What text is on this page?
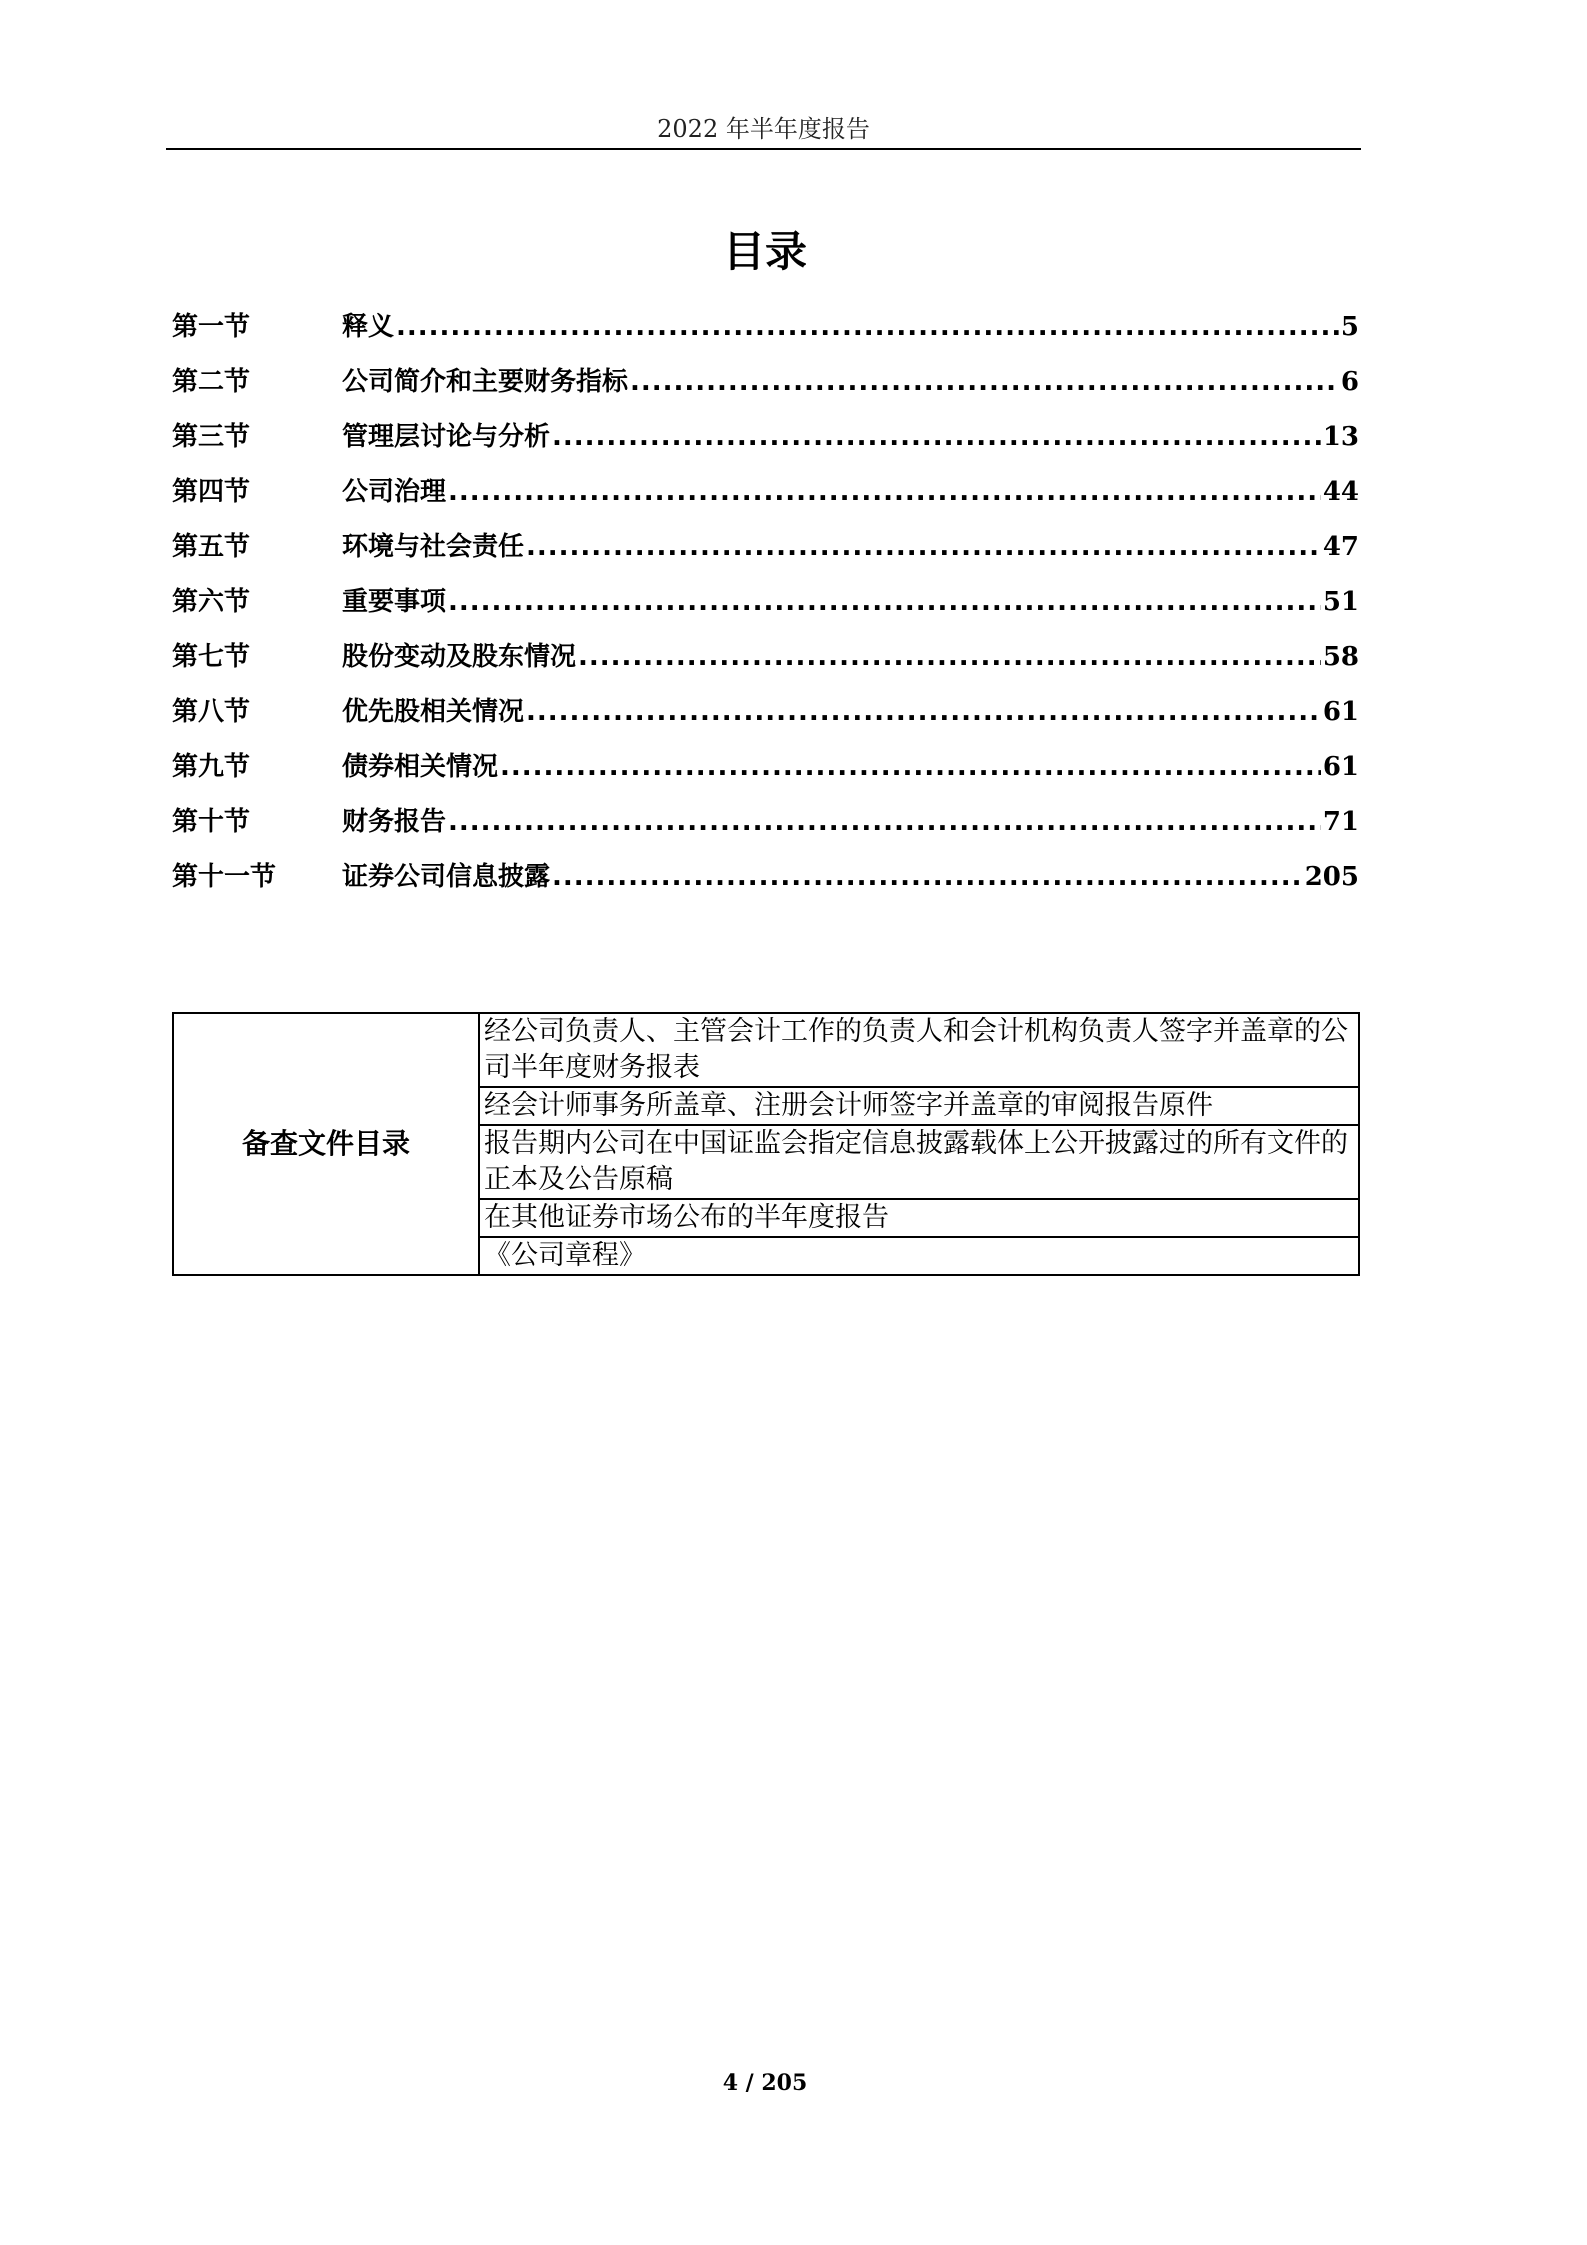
2022 年半年度报告
目录
第一节	释义 .....	5
第二节	公司简介和主要财务指标 .....	6
第三节	管理层讨论与分析 .....	13
第四节	公司治理 .....	44
第五节	环境与社会责任 .....	47
第六节	重要事项 .....	51
第七节	股份变动及股东情况 .....	58
第八节	优先股相关情况 .....	61
第九节	债券相关情况 .....	61
第十节	财务报告 .....	71
第十一节	证券公司信息披露 .....	205
备查文件目录	经公司负责人、主管会计工作的负责人和会计机构负责人签字并盖章的公司半年度财务报表
经会计师事务所盖章、注册会计师签字并盖章的审阅报告原件
报告期内公司在中国证监会指定信息披露载体上公开披露过的所有文件的正本及公告原稿
在其他证券市场公布的半年度报告
《公司章程》
4 / 205
